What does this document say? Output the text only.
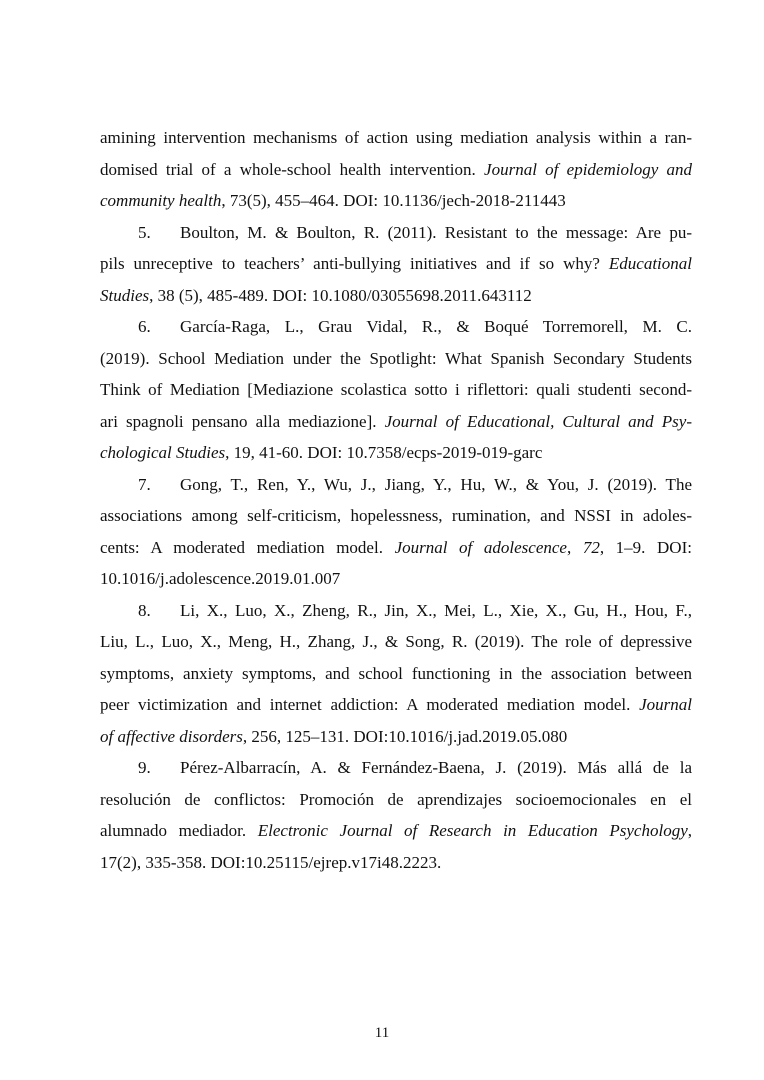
amining intervention mechanisms of action using mediation analysis within a ran-
domised trial of a whole-school health intervention. Journal of epidemiology and
community health, 73(5), 455–464. DOI: 10.1136/jech-2018-211443
5. Boulton, M. & Boulton, R. (2011). Resistant to the message: Are pu-
pils unreceptive to teachers’ anti-bullying initiatives and if so why? Educational
Studies, 38 (5), 485-489. DOI: 10.1080/03055698.2011.643112
6. García-Raga, L., Grau Vidal, R., & Boqué Torremorell, M. C.
(2019). School Mediation under the Spotlight: What Spanish Secondary Students
Think of Mediation [Mediazione scolastica sotto i riflettori: quali studenti second-
ari spagnoli pensano alla mediazione]. Journal of Educational, Cultural and Psy-
chological Studies, 19, 41-60. DOI: 10.7358/ecps-2019-019-garc
7. Gong, T., Ren, Y., Wu, J., Jiang, Y., Hu, W., & You, J. (2019). The
associations among self-criticism, hopelessness, rumination, and NSSI in adoles-
cents: A moderated mediation model. Journal of adolescence, 72, 1–9. DOI:
10.1016/j.adolescence.2019.01.007
8. Li, X., Luo, X., Zheng, R., Jin, X., Mei, L., Xie, X., Gu, H., Hou, F.,
Liu, L., Luo, X., Meng, H., Zhang, J., & Song, R. (2019). The role of depressive
symptoms, anxiety symptoms, and school functioning in the association between
peer victimization and internet addiction: A moderated mediation model. Journal
of affective disorders, 256, 125–131. DOI:10.1016/j.jad.2019.05.080
9. Pérez-Albarracín, A. & Fernández-Baena, J. (2019). Más allá de la
resolución de conflictos: Promoción de aprendizajes socioemocionales en el
alumnado mediador. Electronic Journal of Research in Education Psychology,
17(2), 335-358. DOI:10.25115/ejrep.v17i48.2223.
11
